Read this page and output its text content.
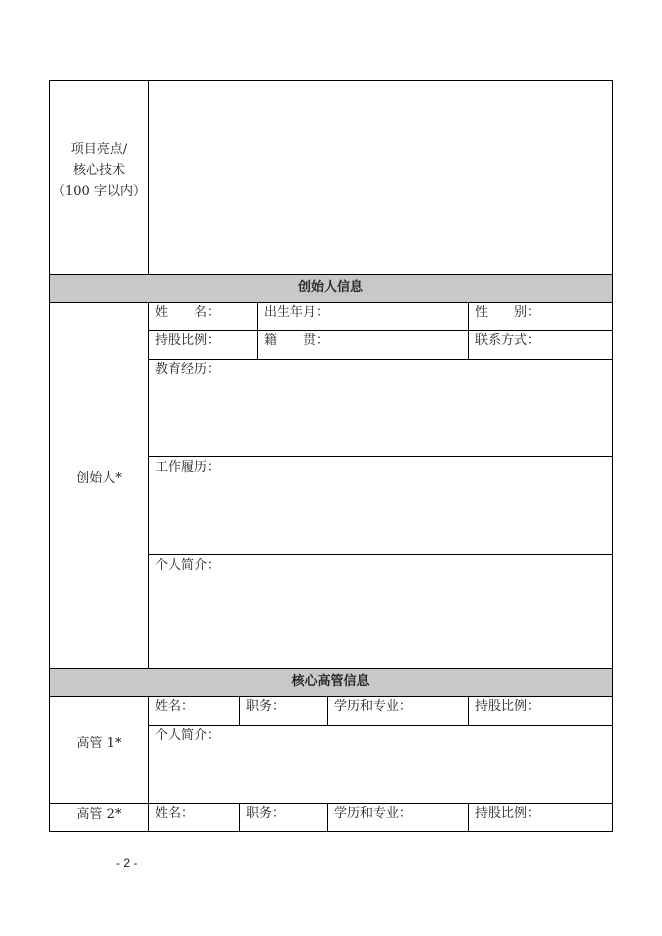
项目亮点/
核心技术
（100 字以内）
创始人信息
创始人*
姓　　名：	出生年月：	性　　别：
持股比例：	籍　　贯：	联系方式：
教育经历：
工作履历：
个人简介：
核心高管信息
高管 1*
姓名：	职务：	学历和专业：	持股比例：
个人简介：
高管 2*	姓名：	职务：	学历和专业：	持股比例：
- 2 -
